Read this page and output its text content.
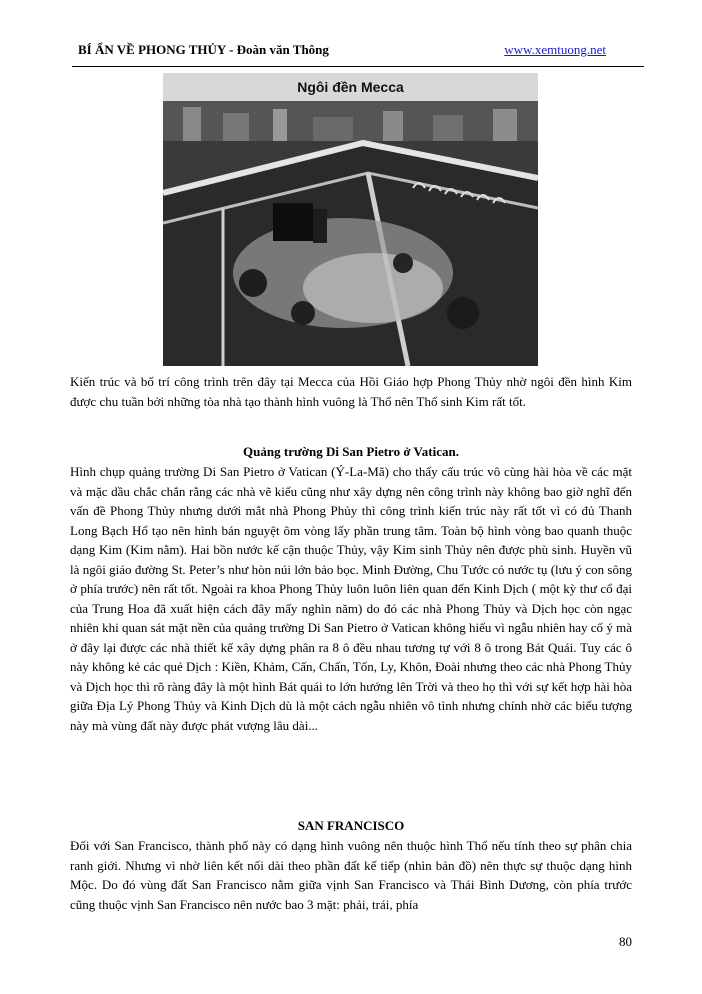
BÍ ẨN VỀ PHONG THỦY - Đoàn văn Thông	www.xemtuong.net
Ngôi đền Mecca
Kiến trúc và bố trí công trình trên đây tại Mecca của Hồi Giáo hợp Phong Thủy nhờ ngôi đền hình Kim được chu tuần bởi những tòa nhà tạo thành hình vuông là Thổ nên Thổ sinh Kim rất tốt.
Quảng trường Di San Pietro ở Vatican.
Hình chụp quảng trường Di San Pietro ở Vatican (Ý-La-Mã) cho thấy cấu trúc vô cùng hài hòa về các mặt và mặc dầu chắc chắn rằng các nhà vẽ kiểu cũng như xây dựng nên công trình này không bao giờ nghĩ đến vấn đề Phong Thủy nhưng dưới mắt nhà Phong Phủy thì công trình kiến trúc này rất tốt vì có đủ Thanh Long Bạch Hổ tạo nên hình bán nguyệt ôm vòng lấy phần trung tâm. Toàn bộ hình vòng bao quanh thuộc dạng Kim (Kim nằm). Hai bồn nước kế cận thuộc Thủy, vậy Kim sinh Thủy nên được phù sinh. Huyền vũ là ngôi giáo đường St. Peter’s như hòn núi lớn bảo bọc. Minh Đường, Chu Tước có nước tụ (lưu ý con sông ở phía trước) nên rất tốt. Ngoài ra khoa Phong Thủy luôn luôn liên quan đến Kinh Dịch ( một kỳ thư cổ đại của Trung Hoa đã xuất hiện cách đây mấy nghìn năm) do đó các nhà Phong Thủy và Dịch học còn ngạc nhiên khi quan sát mặt nền của quảng trường Di San Pietro ở Vatican không hiểu vì ngẫu nhiên hay cố ý mà ở đây lại được các nhà thiết kế xây dựng phân ra 8 ô đều nhau tương tự với 8 ô trong Bát Quái. Tuy các ô này không kẻ các quẻ Dịch : Kiền, Khảm, Cấn, Chấn, Tốn, Ly, Khôn, Đoài nhưng theo các nhà Phong Thủy và Dịch học thì rõ ràng đây là một hình Bát quái to lớn hướng lên Trời và theo họ thì với sự kết hợp hài hòa giữa Địa Lý Phong Thủy và Kinh Dịch dù là một cách ngẫu nhiên vô tình nhưng chính nhờ các biểu tượng này mà vùng đất này được phát vượng lâu dài...
SAN FRANCISCO
Đối với San Francisco, thành phố này có dạng hình vuông nên thuộc hình Thổ nếu tính theo sự phân chia ranh giới. Nhưng vì nhờ liên kết nối dài theo phần đất kế tiếp (nhìn bản đồ) nên thực sự thuộc dạng hình Mộc. Do đó vùng đất San Francisco nằm giữa vịnh San Francisco và Thái Bình Dương, còn phía trước cũng thuộc vịnh San Francisco nên nước bao 3 mặt: phải, trái, phía
80
